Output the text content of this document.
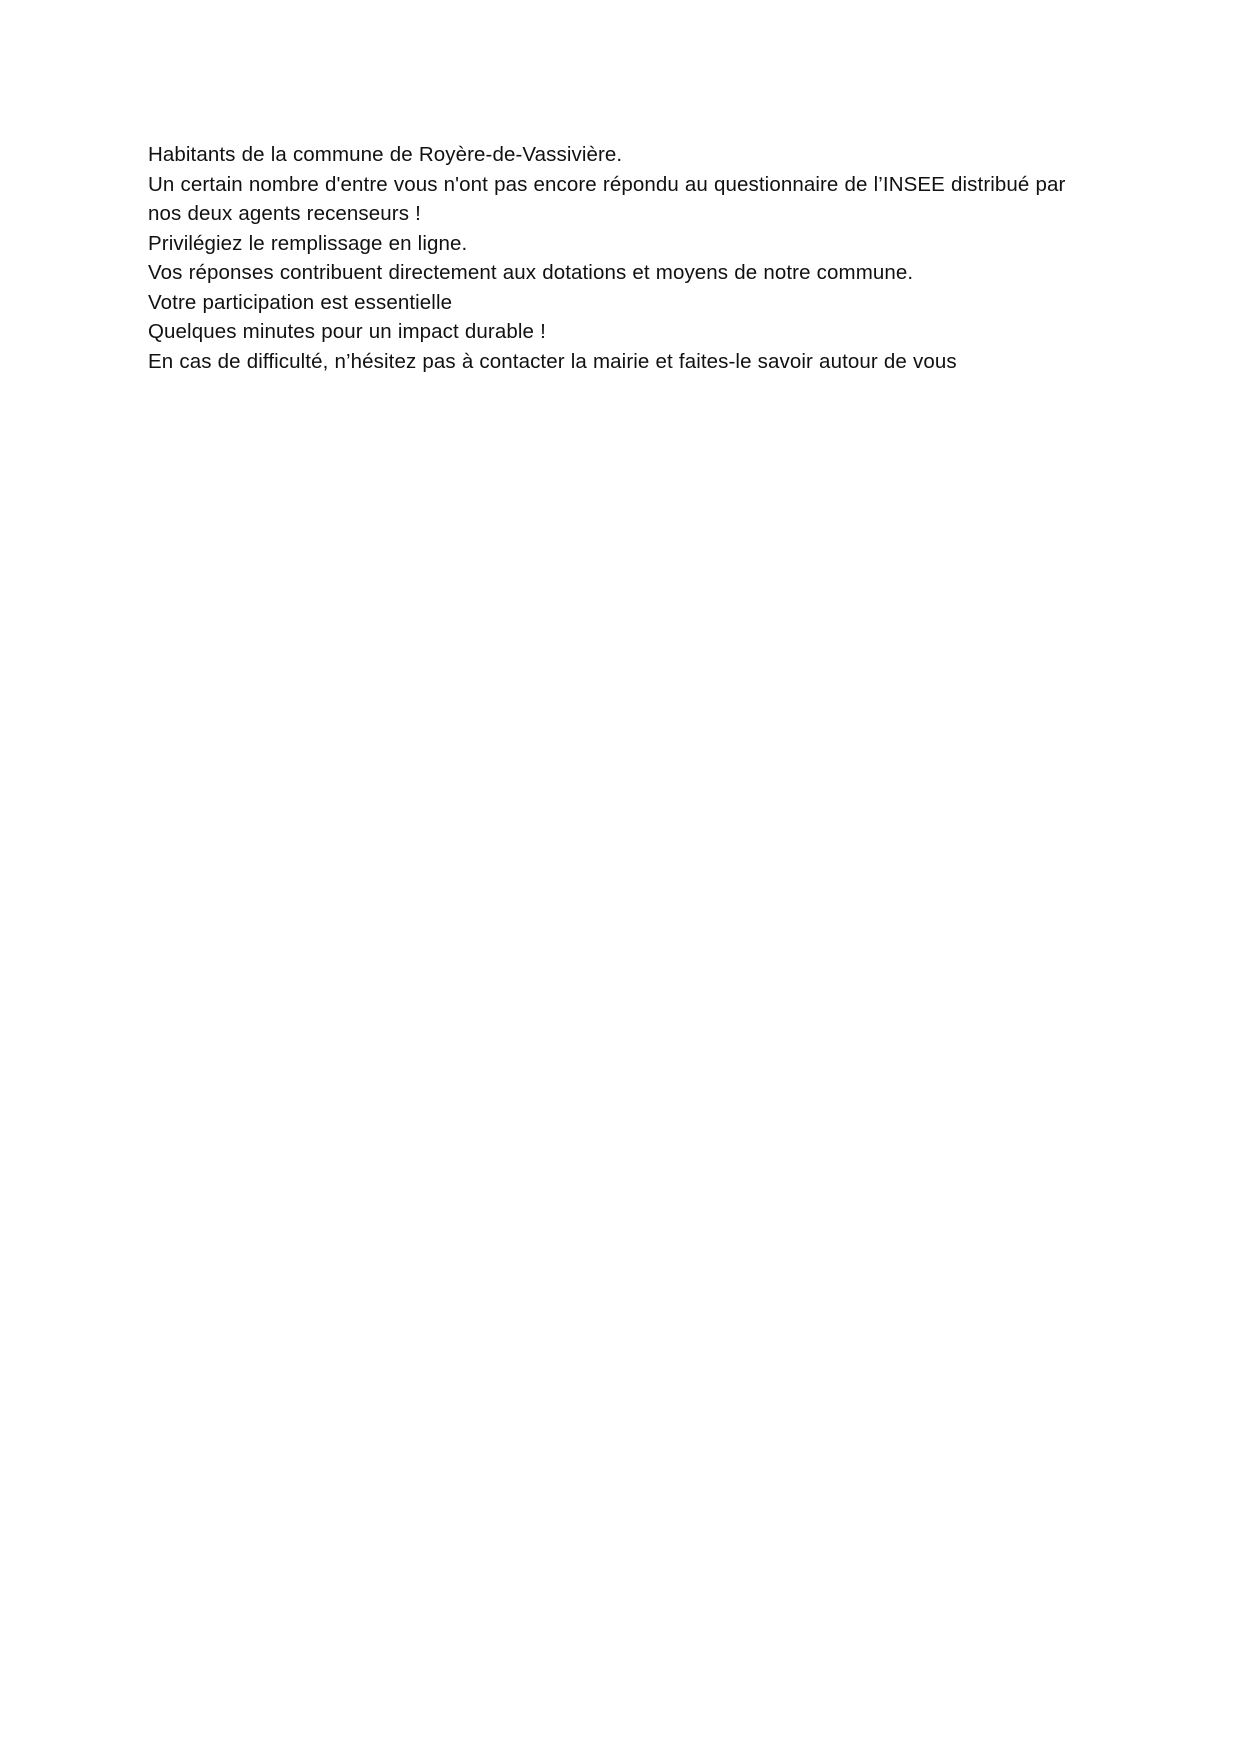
Habitants de la commune de Royère-de-Vassivière.

Un certain nombre d'entre vous n'ont pas encore répondu au questionnaire de l’INSEE distribué par nos deux agents recenseurs !

Privilégiez le remplissage en ligne.

Vos réponses contribuent directement aux dotations et moyens de notre commune.

Votre participation est essentielle

Quelques minutes pour un impact durable !

En cas de difficulté, n’hésitez pas à contacter la mairie et faites-le savoir autour de vous
